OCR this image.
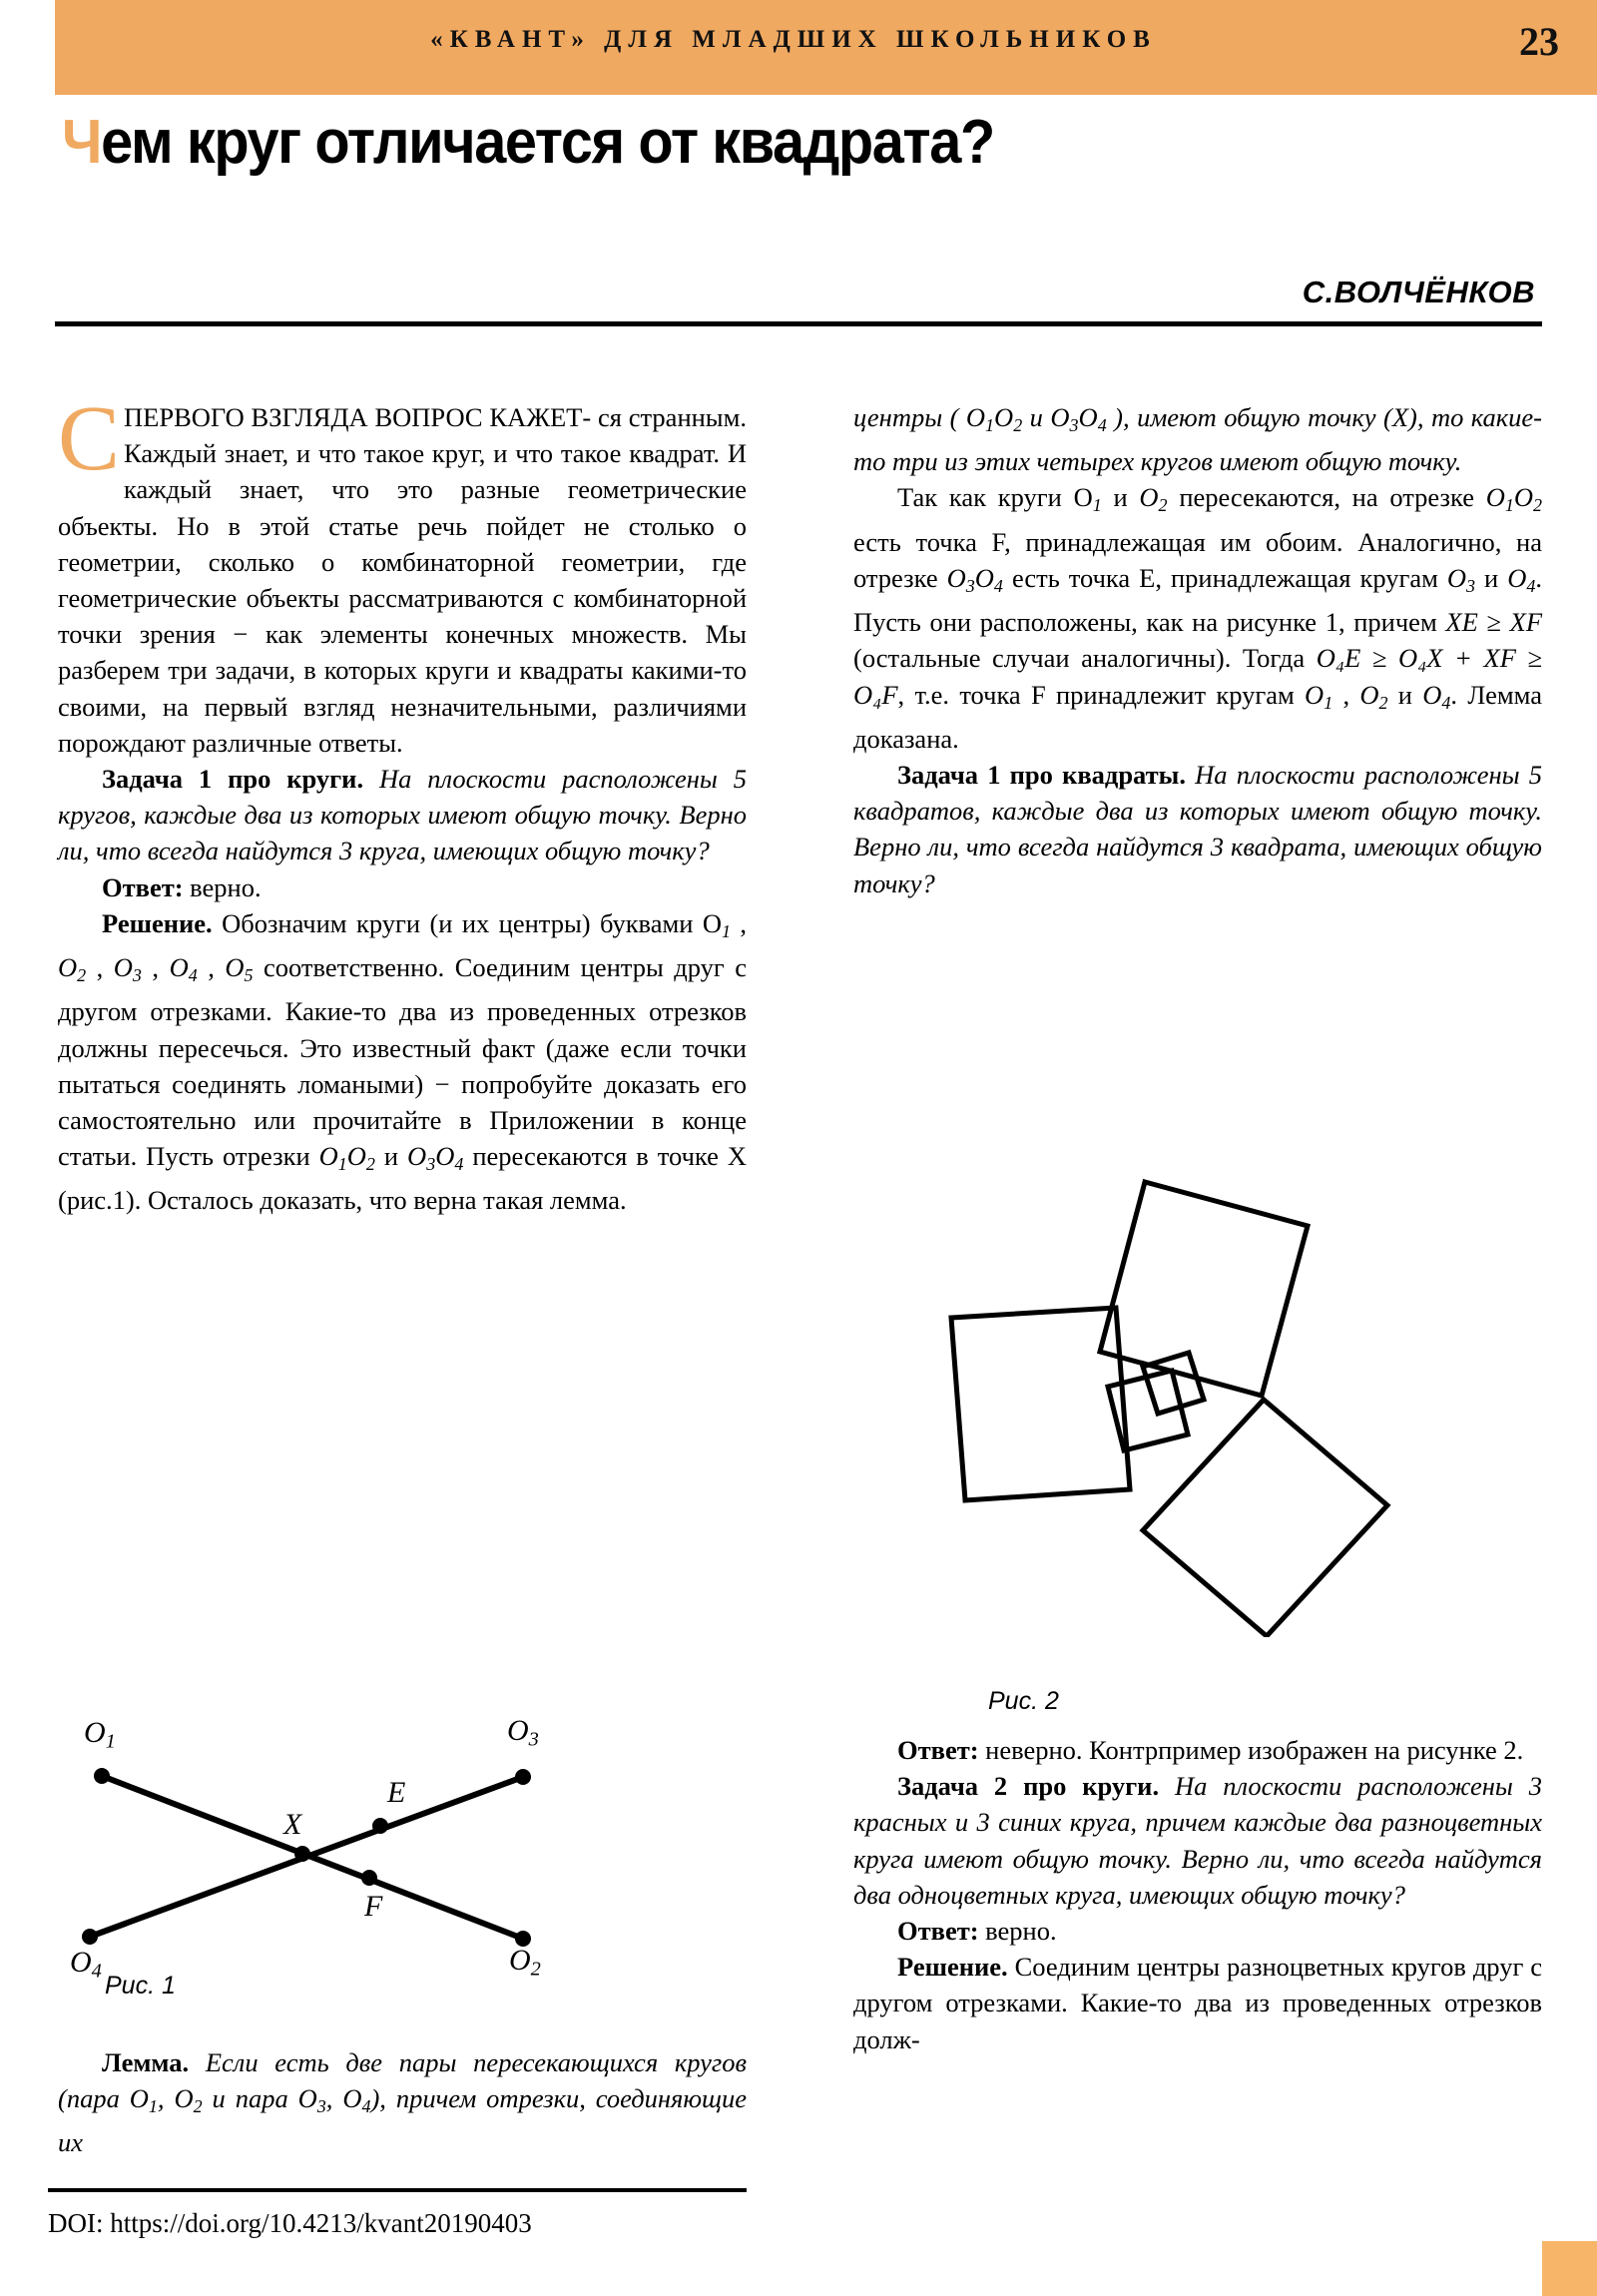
«КВАНТ» ДЛЯ МЛАДШИХ ШКОЛЬНИКОВ	23
Чем круг отличается от квадрата?
С.ВОЛЧЁНКОВ

СПЕРВОГО ВЗГЛЯДА ВОПРОС КАЖЕТ- ся странным. Каждый знает, и что такое круг, и что такое квадрат. И каждый знает, что это разные геометрические объекты. Но в этой статье речь пойдет не столько о геометрии, сколько о комбинаторной геометрии, где геометрические объекты рассматриваются с комбинаторной точки зрения − как элементы конечных множеств. Мы разберем три задачи, в которых круги и квадраты какими-то своими, на первый взгляд незначительными, различиями порождают различные ответы.

Задача 1 про круги. На плоскости расположены 5 кругов, каждые два из которых имеют общую точку. Верно ли, что всегда найдутся 3 круга, имеющих общую точку?

Ответ: верно.

Решение. Обозначим круги (и их центры) буквами $O_1$ , $O_2$ , $O_3$ , $O_4$ , $O_5$ соответственно. Соединим центры друг с другом отрезками. Какие-то два из проведенных отрезков должны пересечься. Это известный факт (даже если точки пытаться соединять ломаными) − попробуйте доказать его самостоятельно или прочитайте в Приложении в конце статьи. Пусть отрезки $O_1O_2$ и $O_3O_4$ пересекаются в точке X (рис.1). Осталось доказать, что верна такая лемма.

$O_1$	$O_3$
$O_4$	$O_2$
X
E
F
Рис. 1

Лемма. Если есть две пары пересекающихся кругов (пара $O_1$, $O_2$ и пара $O_3$, $O_4$), причем отрезки, соединяющие их

центры ( $O_1O_2$ и $O_3O_4$ ), имеют общую точку (X), то какие-то три из этих четырех кругов имеют общую точку.

Так как круги $O_1$ и $O_2$ пересекаются, на отрезке $O_1O_2$ есть точка F, принадлежащая им обоим. Аналогично, на отрезке $O_3O_4$ есть точка E, принадлежащая кругам $O_3$ и $O_4$. Пусть они расположены, как на рисунке 1, причем XE ≥ XF (остальные случаи аналогичны). Тогда O₄E ≥ O₄X + XF ≥ O₄F, т.е. точка F принадлежит кругам $O_1$ , $O_2$ и $O_4$. Лемма доказана.

Задача 1 про квадраты. На плоскости расположены 5 квадратов, каждые два из которых имеют общую точку. Верно ли, что всегда найдутся 3 квадрата, имеющих общую точку?

Рис. 2

Ответ: неверно. Контрпример изображен на рисунке 2.

Задача 2 про круги. На плоскости расположены 3 красных и 3 синих круга, причем каждые два разноцветных круга имеют общую точку. Верно ли, что всегда найдутся два одноцветных круга, имеющих общую точку?

Ответ: верно.

Решение. Соединим центры разноцветных кругов друг с другом отрезками. Какие-то два из проведенных отрезков долж-

DOI: https://doi.org/10.4213/kvant20190403
